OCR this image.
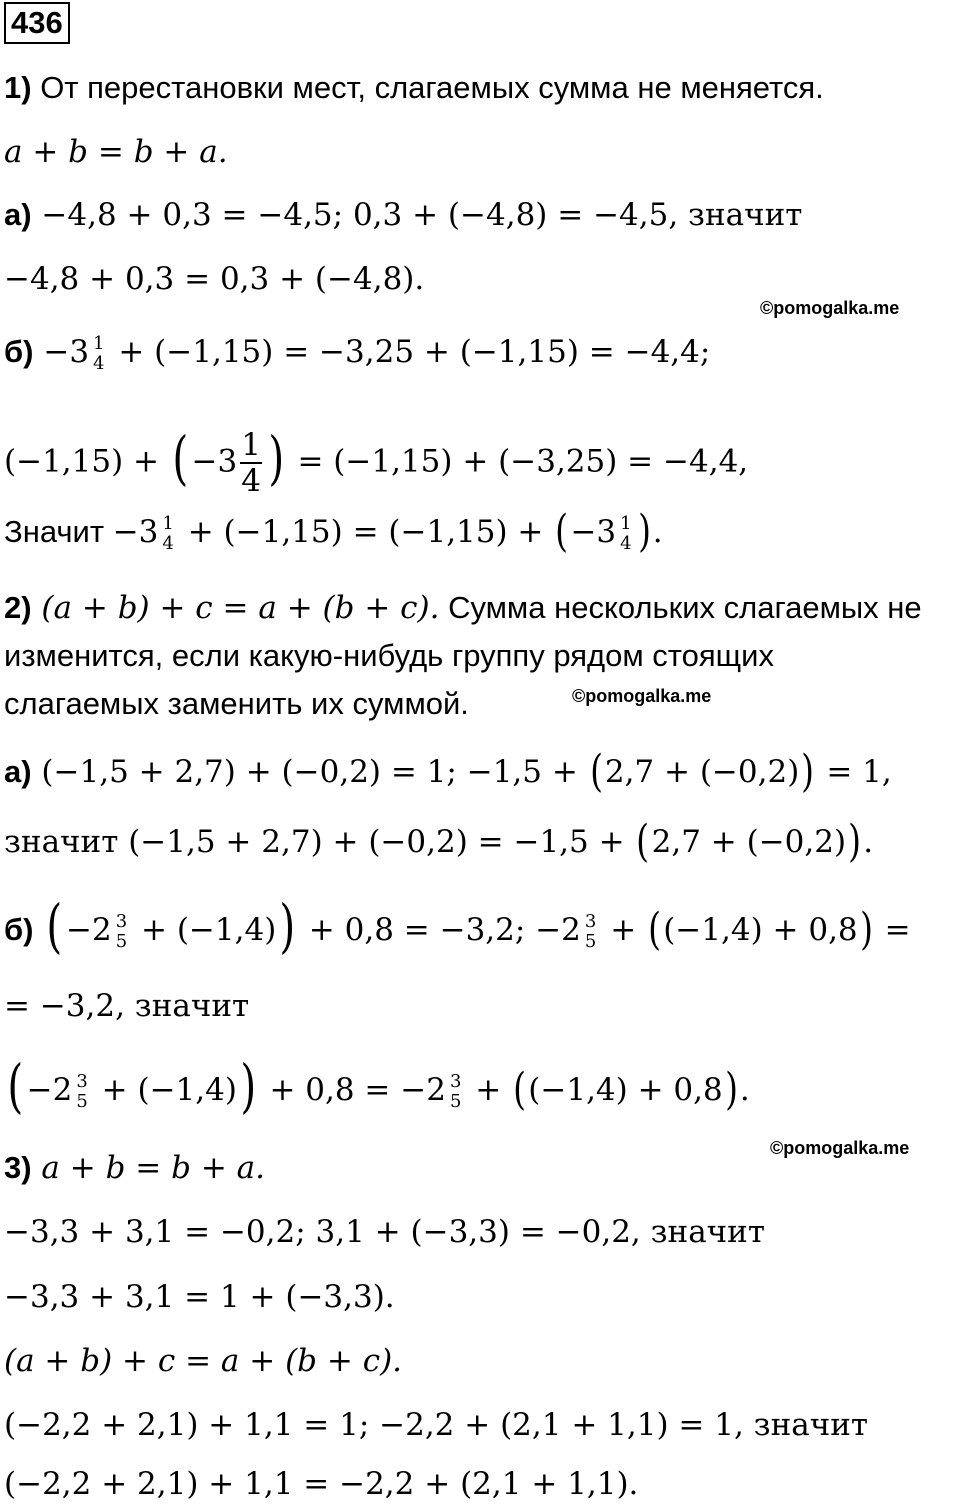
436
1) От перестановки мест, слагаемых сумма не меняется.
a + b = b + a.
а) −4,8 + 0,3 = −4,5; 0,3 + (−4,8) = −4,5, значит
−4,8 + 0,3 = 0,3 + (−4,8).
©pomogalka.me
б) −3 1
4 + (−1,15) = −3,25 + (−1,15) = −4,4;
(−1,15) + ( $-3 \frac{1}{4}$ ) = (−1,15) + (−3,25) = −4,4,
Значит −3 1
4 + (−1,15) = (−1,15) + (−3 1
4 ).
2) (a + b) + c = a + (b + c). Сумма нескольких слагаемых не
изменится, если какую-нибудь группу рядом стоящих
слагаемых заменить их суммой.	©pomogalka.me
а) (−1,5 + 2,7) + (−0,2) = 1; −1,5 + (2,7 + (−0,2)) = 1,
значит (−1,5 + 2,7) + (−0,2) = −1,5 + (2,7 + (−0,2)).
б) ( −2 3
5 + (−1,4)) + 0,8 = −3,2; −2 3
5 + ((−1,4) + 0,8) =
= −3,2, значит
( −2 3
5 + (−1,4)) + 0,8 = −2 3
5 + ((−1,4) + 0,8).
©pomogalka.me
3) a + b = b + a.
−3,3 + 3,1 = −0,2; 3,1 + (−3,3) = −0,2, значит
−3,3 + 3,1 = 1 + (−3,3).
(a + b) + c = a + (b + c).
(−2,2 + 2,1) + 1,1 = 1; −2,2 + (2,1 + 1,1) = 1, значит
(−2,2 + 2,1) + 1,1 = −2,2 + (2,1 + 1,1).
